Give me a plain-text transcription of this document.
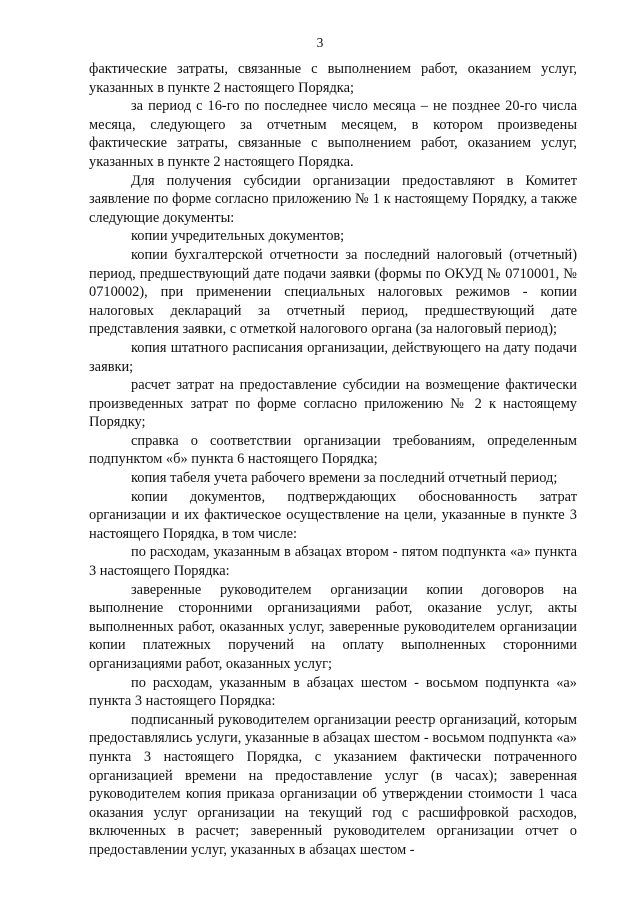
3

фактические затраты, связанные с выполнением работ, оказанием услуг, указанных в пункте 2 настоящего Порядка;

за период с 16-го по последнее число месяца – не позднее 20-го числа месяца, следующего за отчетным месяцем, в котором произведены фактические затраты, связанные с выполнением работ, оказанием услуг, указанных в пункте 2 настоящего Порядка.

Для получения субсидии организации предоставляют в Комитет заявление по форме согласно приложению № 1 к настоящему Порядку, а также следующие документы:

копии учредительных документов;

копии бухгалтерской отчетности за последний налоговый (отчетный) период, предшествующий дате подачи заявки (формы по ОКУД № 0710001, № 0710002), при применении специальных налоговых режимов - копии налоговых деклараций за отчетный период, предшествующий дате представления заявки, с отметкой налогового органа (за налоговый период);

копия штатного расписания организации, действующего на дату подачи заявки;

расчет затрат на предоставление субсидии на возмещение фактически произведенных затрат по форме согласно приложению № 2 к настоящему Порядку;

справка о соответствии организации требованиям, определенным подпунктом «б» пункта 6 настоящего Порядка;

копия табеля учета рабочего времени за последний отчетный период;

копии документов, подтверждающих обоснованность затрат организации и их фактическое осуществление на цели, указанные в пункте 3 настоящего Порядка, в том числе:

по расходам, указанным в абзацах втором - пятом подпункта «а» пункта 3 настоящего Порядка:

заверенные руководителем организации копии договоров на выполнение сторонними организациями работ, оказание услуг, акты выполненных работ, оказанных услуг, заверенные руководителем организации копии платежных поручений на оплату выполненных сторонними организациями работ, оказанных услуг;

по расходам, указанным в абзацах шестом - восьмом подпункта «а» пункта 3 настоящего Порядка:

подписанный руководителем организации реестр организаций, которым предоставлялись услуги, указанные в абзацах шестом - восьмом подпункта «а» пункта 3 настоящего Порядка, с указанием фактически потраченного организацией времени на предоставление услуг (в часах); заверенная руководителем копия приказа организации об утверждении стоимости 1 часа оказания услуг организации на текущий год с расшифровкой расходов, включенных в расчет; заверенный руководителем организации отчет о предоставлении услуг, указанных в абзацах шестом -
